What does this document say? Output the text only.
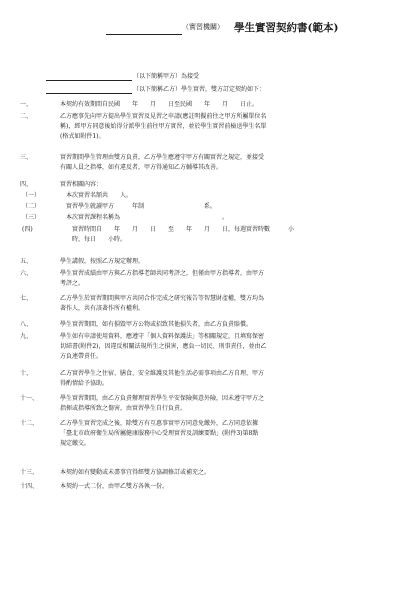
（實習機關） 學生實習契約書(範本)
（以下簡稱甲方）為接受
（以下簡稱乙方）學生實習，雙方訂定契約如下：
一、	本契約有效期間自民國　　年　　月　　日至民國　　年　　月　　日止。
二、	乙方應事先向甲方提出學生實習及見習之申請(應註明擬前往之甲方所屬單位名
稱)，經甲方同意後始得分派學生前往甲方實習，並於學生實習前檢送學生名單
(格式如附件1)。
三、	實習期間學生管理由雙方負責，乙方學生應遵守甲方有關實習之規定，並接受
有關人員之指導，如有違反者，甲方得通知乙方輔導其改善。
四、	實習相關內容：
（一）	本次實習名額共　　人。
（二）	實習學生就讀甲方　　　年制　　　　　　　　　　系。
（三）	本次實習課程名稱為　　　　　　　　　　　　　　　　　。
(四)	實習時間自　　年　　月　　日　　至　　年　　月　　日，每週實習時數　　　小
時，每日　　小時。
五、	學生講假，按照乙方規定辦理。
六、	學生實習成績由甲方與乙方指導老師共同考評之，但僅由甲方指導者，由甲方
考評之。
七、	乙方學生於實習期間與甲方共同合作完成之研究報告等智慧財產權，雙方均為
著作人，共有該著作所有權利。
八、	學生實習期間，如有損毀甲方公物或招致其他損失者，由乙方負責賠償。
九、	學生如有申請使用資料，應遵守「個人資料保護法」等相關規定，且填寫保密
切結書(附件2)，因違反相關法規所生之損害，應負一切民、刑事責任，並由乙
方負連帶責任。
十、	乙方實習學生之住宿、膳食、安全維護及其他生活必需事項由乙方自理，甲方
得酌情給予協助。
十一、	學生實習期間，由乙方負責辦理實習學生平安保險與意外險，因未遵守甲方之
指揮或指導所致之傷害，由實習學生自行負責。
十二、	乙方學生實習完成之後，除雙方有互惠事實甲方同意免繳外，乙方同意依據
「臺北市政府衛生局所屬健康服務中心受理實習及訓練要點」(附件3)第8點
規定繳交。
十三、	本契約如有變動或未盡事宜得經雙方協調修訂或補充之。
十四、	本契約一式二份，由甲乙雙方各執一份。
